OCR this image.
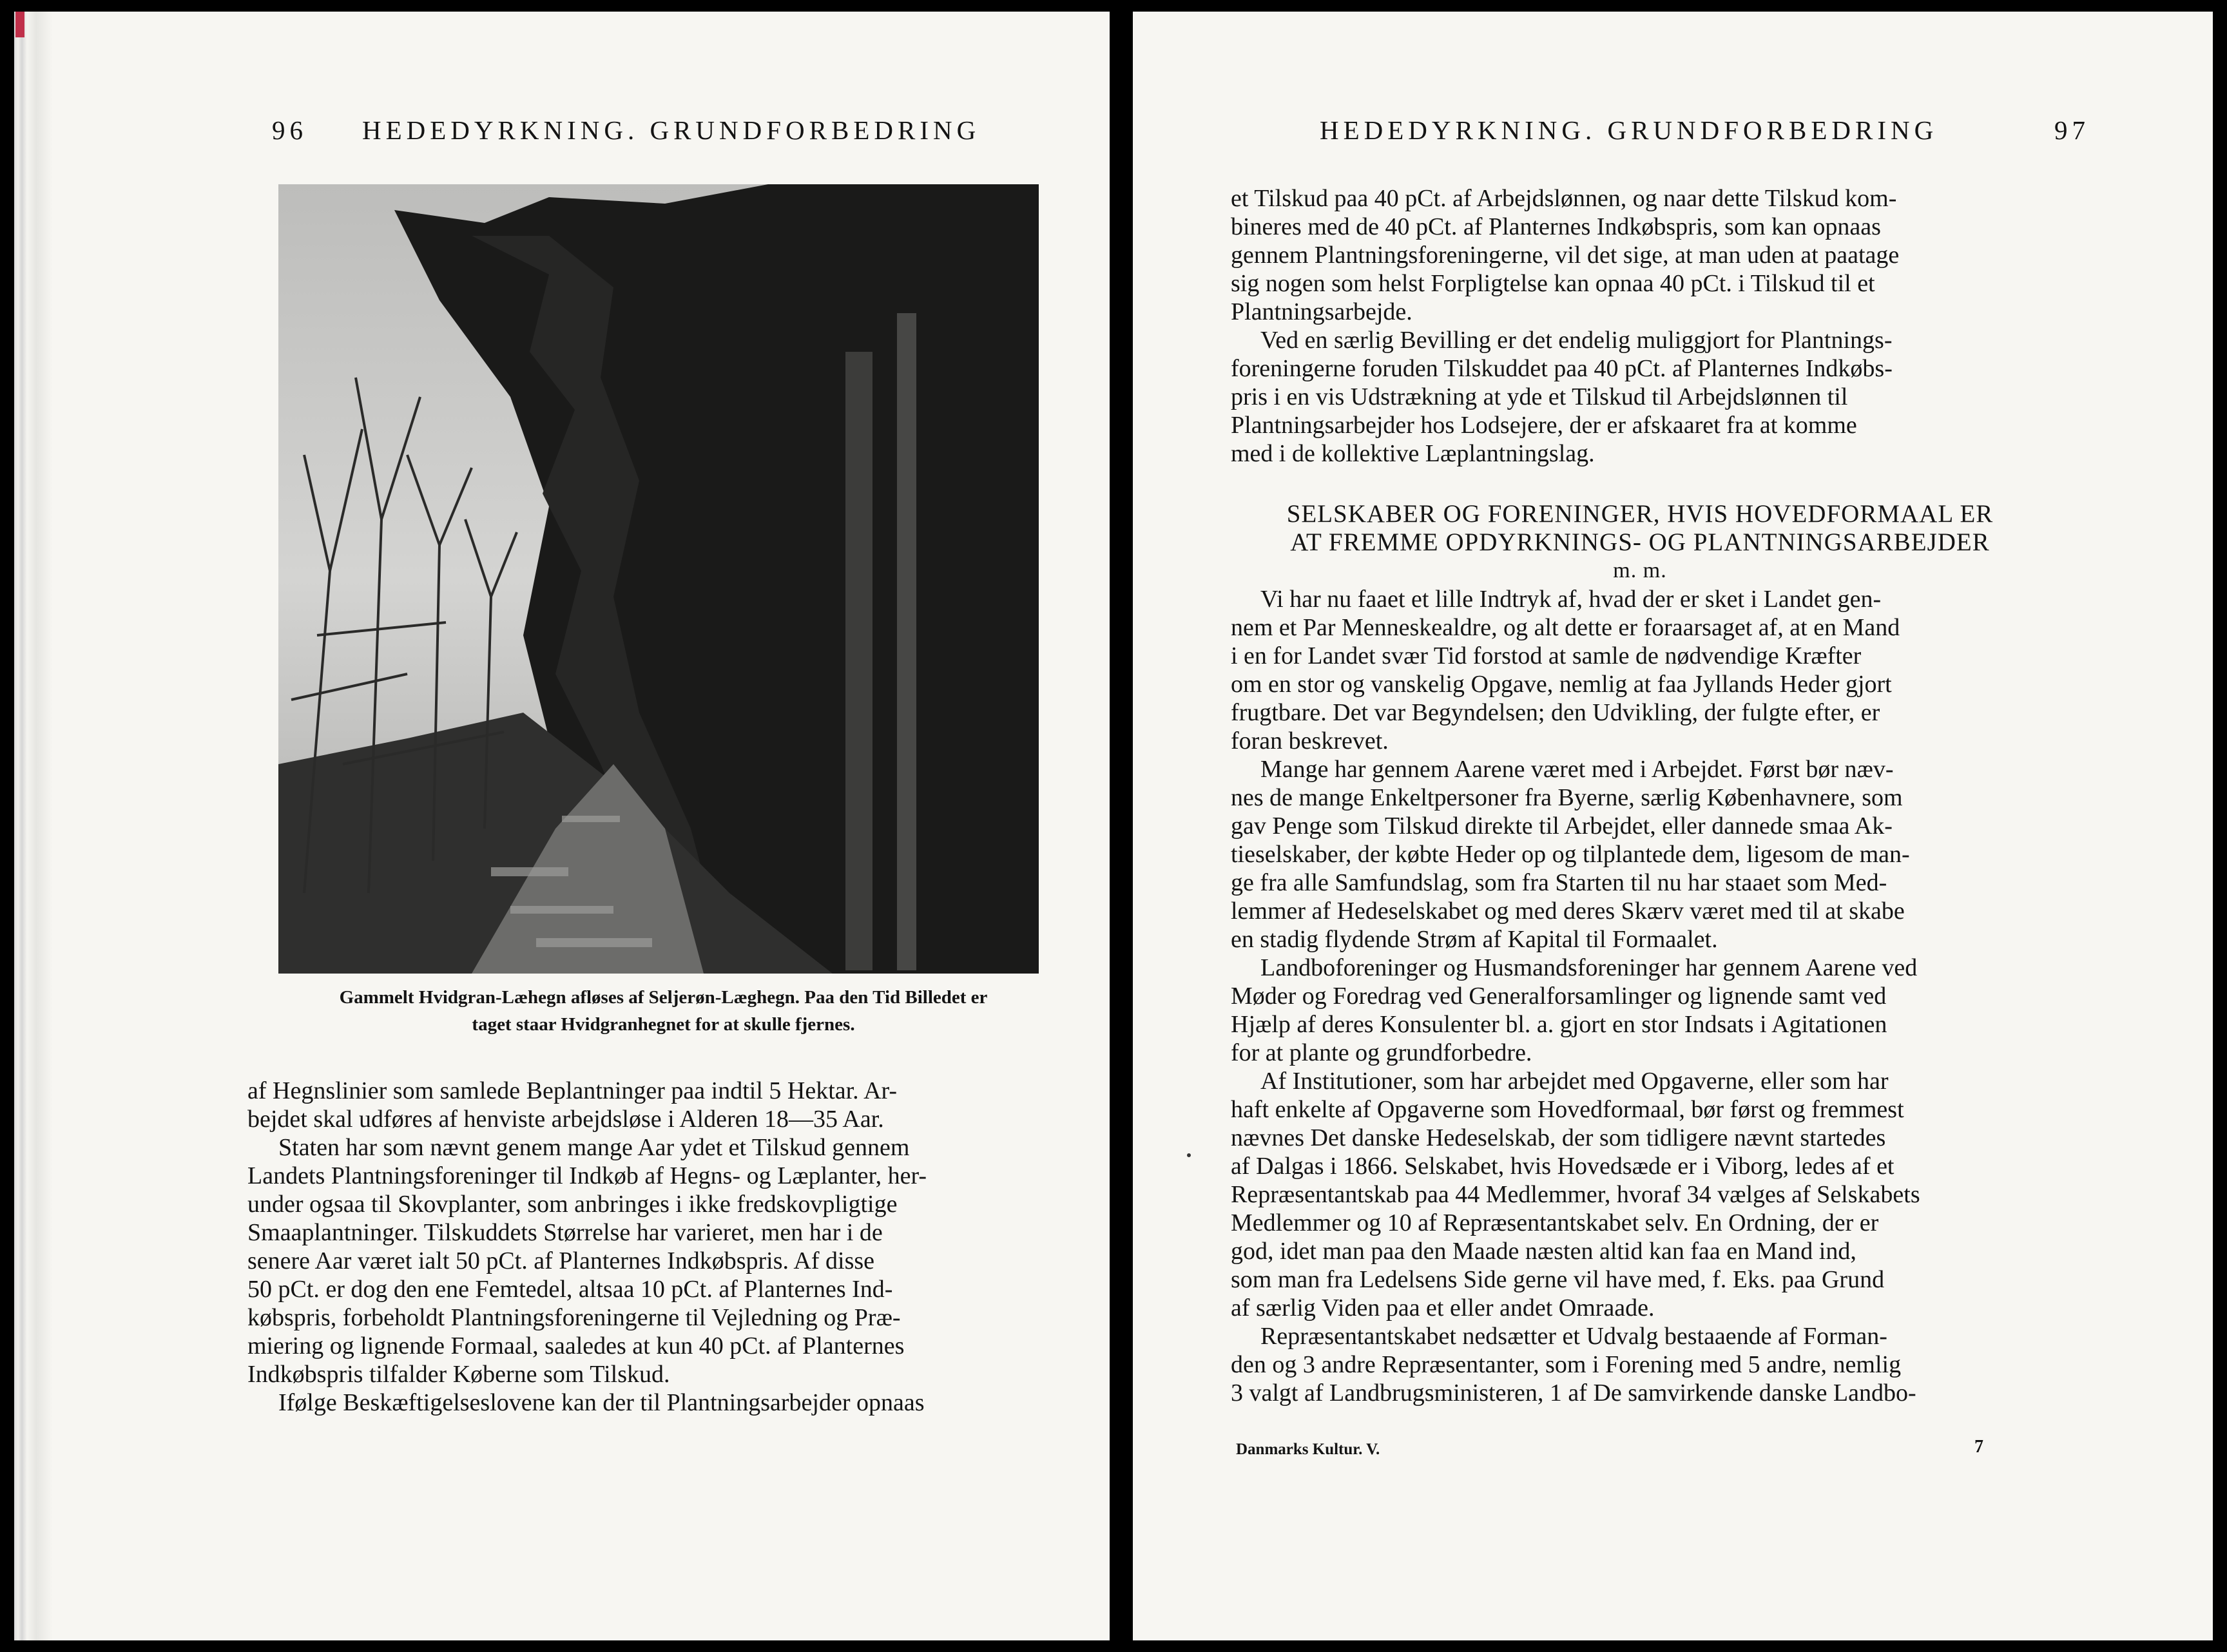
96 HEDEDYRKNING. GRUNDFORBEDRING
Gammelt Hvidgran-Læhegn afløses af Seljerøn-Læghegn. Paa den Tid Billedet er
taget staar Hvidgranhegnet for at skulle fjernes.
af Hegnslinier som samlede Beplantninger paa indtil 5 Hektar. Ar-
bejdet skal udføres af henviste arbejdsløse i Alderen 18—35 Aar.
Staten har som nævnt genem mange Aar ydet et Tilskud gennem
Landets Plantningsforeninger til Indkøb af Hegns- og Læplanter, her-
under ogsaa til Skovplanter, som anbringes i ikke fredskovpligtige
Smaaplantninger. Tilskuddets Størrelse har varieret, men har i de
senere Aar været ialt 50 pCt. af Planternes Indkøbspris. Af disse
50 pCt. er dog den ene Femtedel, altsaa 10 pCt. af Planternes Ind-
købspris, forbeholdt Plantningsforeningerne til Vejledning og Præ-
miering og lignende Formaal, saaledes at kun 40 pCt. af Planternes
Indkøbspris tilfalder Køberne som Tilskud.
Ifølge Beskæftigelseslovene kan der til Plantningsarbejder opnaas
HEDEDYRKNING. GRUNDFORBEDRING	97
et Tilskud paa 40 pCt. af Arbejdslønnen, og naar dette Tilskud kom-
bineres med de 40 pCt. af Planternes Indkøbspris, som kan opnaas
gennem Plantningsforeningerne, vil det sige, at man uden at paatage
sig nogen som helst Forpligtelse kan opnaa 40 pCt. i Tilskud til et
Plantningsarbejde.
Ved en særlig Bevilling er det endelig muliggjort for Plantnings-
foreningerne foruden Tilskuddet paa 40 pCt. af Planternes Indkøbs-
pris i en vis Udstrækning at yde et Tilskud til Arbejdslønnen til
Plantningsarbejder hos Lodsejere, der er afskaaret fra at komme
med i de kollektive Læplantningslag.
SELSKABER OG FORENINGER, HVIS HOVEDFORMAAL ER
AT FREMME OPDYRKNINGS- OG PLANTNINGSARBEJDER
m. m.
Vi har nu faaet et lille Indtryk af, hvad der er sket i Landet gen-
nem et Par Menneskealdre, og alt dette er foraarsaget af, at en Mand
i en for Landet svær Tid forstod at samle de nødvendige Kræfter
om en stor og vanskelig Opgave, nemlig at faa Jyllands Heder gjort
frugtbare. Det var Begyndelsen; den Udvikling, der fulgte efter, er
foran beskrevet.
Mange har gennem Aarene været med i Arbejdet. Først bør næv-
nes de mange Enkeltpersoner fra Byerne, særlig Københavnere, som
gav Penge som Tilskud direkte til Arbejdet, eller dannede smaa Ak-
tieselskaber, der købte Heder op og tilplantede dem, ligesom de man-
ge fra alle Samfundslag, som fra Starten til nu har staaet som Med-
lemmer af Hedeselskabet og med deres Skærv været med til at skabe
en stadig flydende Strøm af Kapital til Formaalet.
Landboforeninger og Husmandsforeninger har gennem Aarene ved
Møder og Foredrag ved Generalforsamlinger og lignende samt ved
Hjælp af deres Konsulenter bl. a. gjort en stor Indsats i Agitationen
for at plante og grundforbedre.
Af Institutioner, som har arbejdet med Opgaverne, eller som har
haft enkelte af Opgaverne som Hovedformaal, bør først og fremmest
nævnes Det danske Hedeselskab, der som tidligere nævnt startedes
af Dalgas i 1866. Selskabet, hvis Hovedsæde er i Viborg, ledes af et
Repræsentantskab paa 44 Medlemmer, hvoraf 34 vælges af Selskabets
Medlemmer og 10 af Repræsentantskabet selv. En Ordning, der er
god, idet man paa den Maade næsten altid kan faa en Mand ind,
som man fra Ledelsens Side gerne vil have med, f. Eks. paa Grund
af særlig Viden paa et eller andet Omraade.
Repræsentantskabet nedsætter et Udvalg bestaaende af Forman-
den og 3 andre Repræsentanter, som i Forening med 5 andre, nemlig
3 valgt af Landbrugsministeren, 1 af De samvirkende danske Landbo-
Danmarks Kultur. V.	7
